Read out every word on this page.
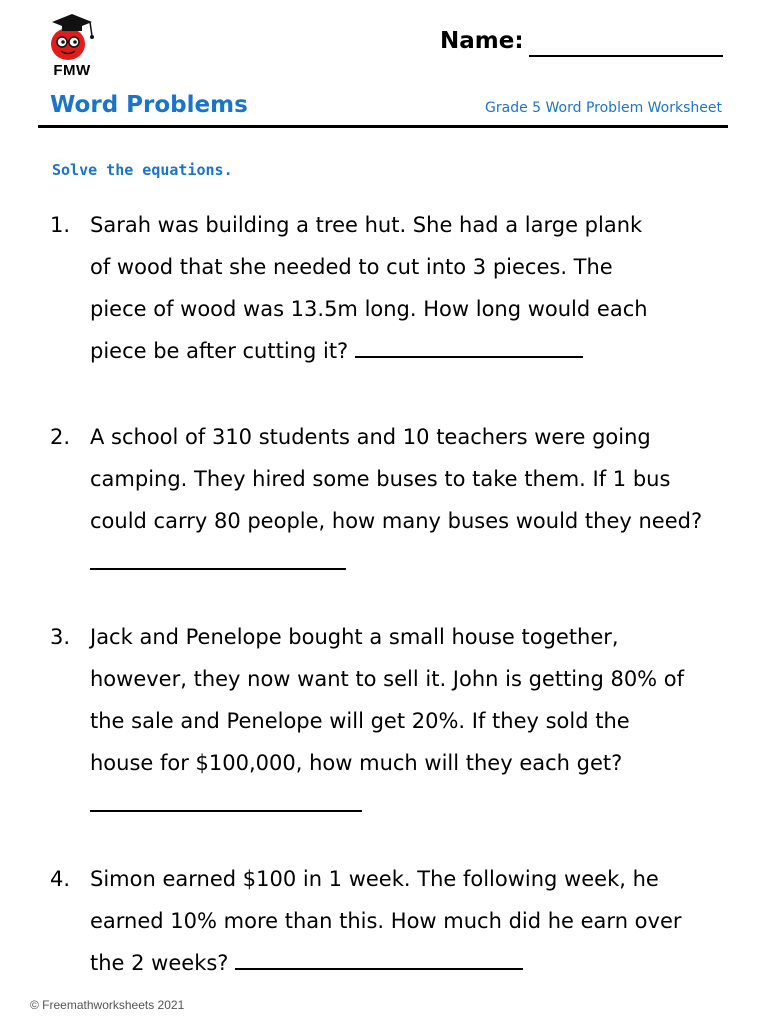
FMW
Name:
Word Problems	Grade 5 Word Problem Worksheet
Solve the equations.
1. Sarah was building a tree hut. She had a large plank
of wood that she needed to cut into 3 pieces. The
piece of wood was 13.5m long. How long would each
piece be after cutting it?
2. A school of 310 students and 10 teachers were going
camping. They hired some buses to take them. If 1 bus
could carry 80 people, how many buses would they need?
3. Jack and Penelope bought a small house together,
however, they now want to sell it. John is getting 80% of
the sale and Penelope will get 20%. If they sold the
house for $100,000, how much will they each get?
4. Simon earned $100 in 1 week. The following week, he
earned 10% more than this. How much did he earn over
the 2 weeks?
© Freemathworksheets 2021
